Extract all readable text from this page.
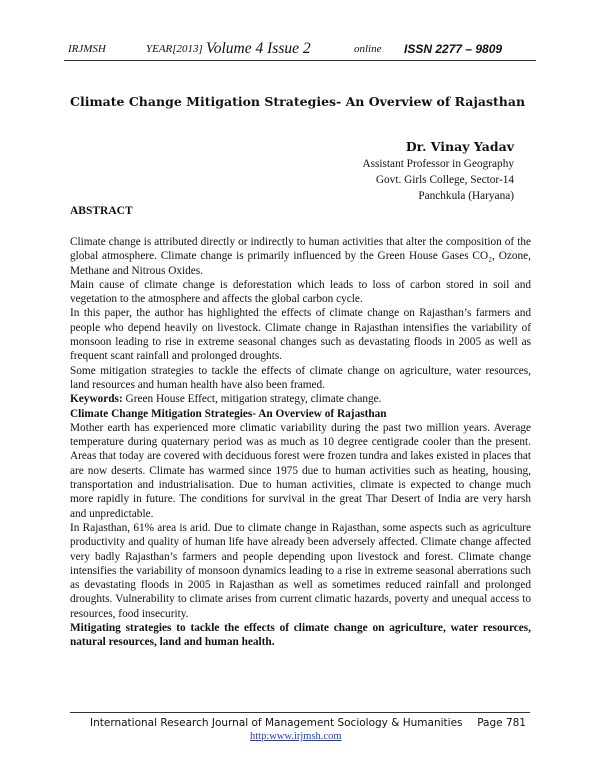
IRJMSH	YEAR[2013] Volume 4 Issue 2	online ISSN 2277 – 9809
Climate Change Mitigation Strategies- An Overview of Rajasthan
Dr. Vinay Yadav
Assistant Professor in Geography
Govt. Girls College, Sector-14
Panchkula (Haryana)
ABSTRACT

Climate change is attributed directly or indirectly to human activities that alter the composition of the global atmosphere. Climate change is primarily influenced by the Green House Gases CO₂, Ozone, Methane and Nitrous Oxides.

Main cause of climate change is deforestation which leads to loss of carbon stored in soil and vegetation to the atmosphere and affects the global carbon cycle.

In this paper, the author has highlighted the effects of climate change on Rajasthan’s farmers and people who depend heavily on livestock. Climate change in Rajasthan intensifies the variability of monsoon leading to rise in extreme seasonal changes such as devastating floods in 2005 as well as frequent scant rainfall and prolonged droughts.

Some mitigation strategies to tackle the effects of climate change on agriculture, water resources, land resources and human health have also been framed.

Keywords: Green House Effect, mitigation strategy, climate change.

Climate Change Mitigation Strategies- An Overview of Rajasthan

Mother earth has experienced more climatic variability during the past two million years. Average temperature during quaternary period was as much as 10 degree centigrade cooler than the present. Areas that today are covered with deciduous forest were frozen tundra and lakes existed in places that are now deserts. Climate has warmed since 1975 due to human activities such as heating, housing, transportation and industrialisation. Due to human activities, climate is expected to change much more rapidly in future. The conditions for survival in the great Thar Desert of India are very harsh and unpredictable.

In Rajasthan, 61% area is arid. Due to climate change in Rajasthan, some aspects such as agriculture productivity and quality of human life have already been adversely affected. Climate change affected very badly Rajasthan’s farmers and people depending upon livestock and forest. Climate change intensifies the variability of monsoon dynamics leading to a rise in extreme seasonal aberrations such as devastating floods in 2005 in Rajasthan as well as sometimes reduced rainfall and prolonged droughts. Vulnerability to climate arises from current climatic hazards, poverty and unequal access to resources, food insecurity.

Mitigating strategies to tackle the effects of climate change on agriculture, water resources, natural resources, land and human health.

International Research Journal of Management Sociology & Humanities Page 781
http:www.irjmsh.com
